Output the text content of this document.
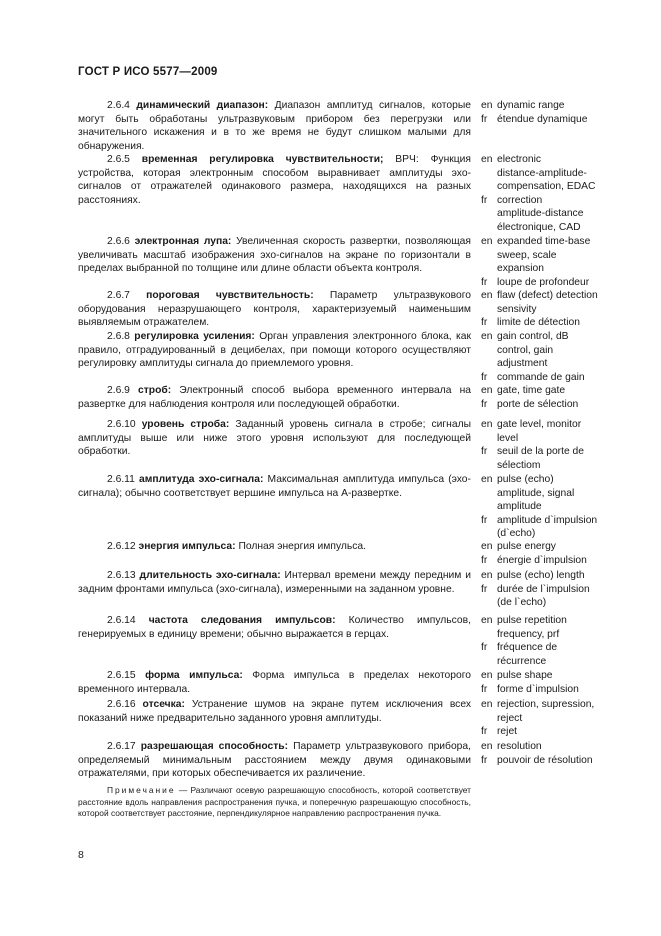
ГОСТ Р ИСО 5577—2009
2.6.4 динамический диапазон: Диапазон амплитуд сигналов, которые могут быть обработаны ультразвуковым прибором без перегрузки или значительного искажения и в то же время не будут слишком малыми для обнаружения.
en dynamic range
fr étendue dynamique
2.6.5 временная регулировка чувствительности; ВРЧ: Функция устройства, которая электронным способом выравнивает амплитуды эхо-сигналов от отражателей одинакового размера, находящихся на разных расстояниях.
en electronic
distance-amplitude-
compensation, EDAC
fr correction
amplitude-distance
électronique, CAD
2.6.6 электронная лупа: Увеличенная скорость развертки, позволяющая увеличивать масштаб изображения эхо-сигналов на экране по горизонтали в пределах выбранной по толщине или длине области объекта контроля.
en expanded time-base
sweep, scale
expansion
fr loupe de profondeur
2.6.7 пороговая чувствительность: Параметр ультразвукового оборудования неразрушающего контроля, характеризуемый наименьшим выявляемым отражателем.
en flaw (defect) detection
sensivity
fr limite de détection
2.6.8 регулировка усиления: Орган управления электронного блока, как правило, отградуированный в децибелах, при помощи которого осуществляют регулировку амплитуды сигнала до приемлемого уровня.
en gain control, dB
control, gain
adjustment
fr commande de gain
2.6.9 строб: Электронный способ выбора временного интервала на развертке для наблюдения контроля или последующей обработки.
en gate, time gate
fr porte de sélection
2.6.10 уровень строба: Заданный уровень сигнала в стробе; сигналы амплитуды выше или ниже этого уровня используют для последующей обработки.
en gate level, monitor
level
fr seuil de la porte de
sélectiom
2.6.11 амплитуда эхо-сигнала: Максимальная амплитуда импульса (эхо-сигнала); обычно соответствует вершине импульса на А-развертке.
en pulse (echo)
amplitude, signal
amplitude
fr amplitude d`impulsion
(d`echo)
2.6.12 энергия импульса: Полная энергия импульса.	en pulse energy
fr énergie d`impulsion
2.6.13 длительность эхо-сигнала: Интервал времени между передним и задним фронтами импульса (эхо-сигнала), измеренными на заданном уровне.
en pulse (echo) length
fr durée de l`impulsion
(de l`echo)
2.6.14 частота следования импульсов: Количество импульсов, генерируемых в единицу времени; обычно выражается в герцах.
en pulse repetition
frequency, prf
fr fréquence de
récurrence
2.6.15 форма импульса: Форма импульса в пределах некоторого временного интервала.
en pulse shape
fr forme d`impulsion
2.6.16 отсечка: Устранение шумов на экране путем исключения всех показаний ниже предварительно заданного уровня амплитуды.
en rejection, supression,
reject
fr rejet
2.6.17 разрешающая способность: Параметр ультразвукового прибора, определяемый минимальным расстоянием между двумя одинаковыми отражателями, при которых обеспечивается их различение.
en resolution
fr pouvoir de résolution
Примечание — Различают осевую разрешающую способность, которой соответствует расстояние вдоль направления распространения пучка, и поперечную разрешающую способность, которой соответствует расстояние, перпендикулярное направлению распространения пучка.
8
